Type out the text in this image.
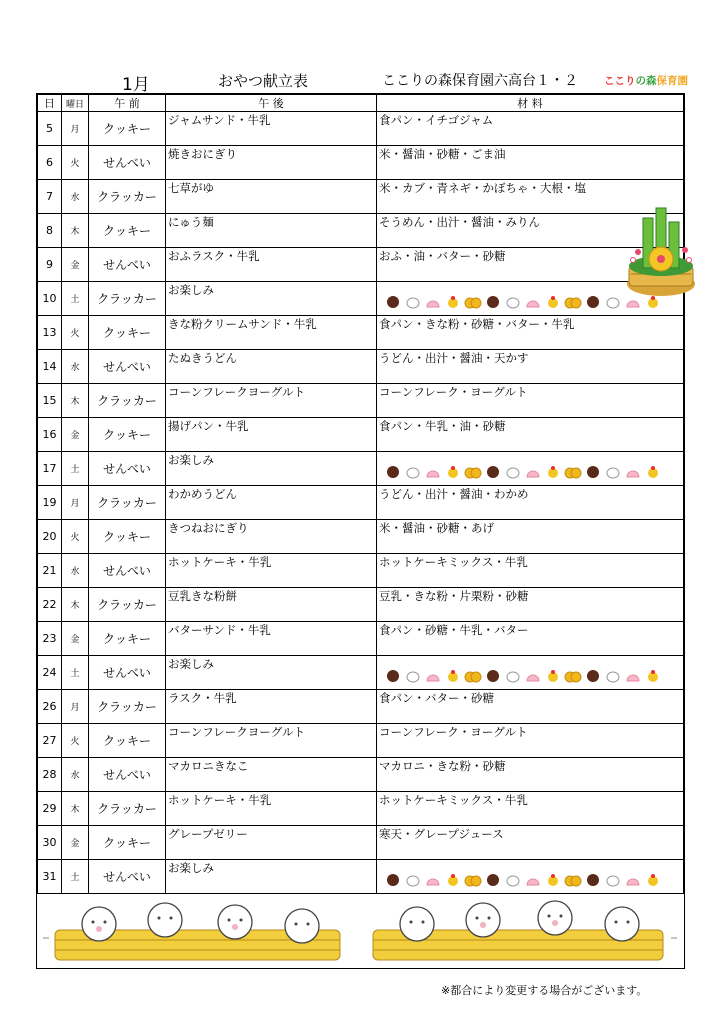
1月	おやつ献立表	ここりの森保育園六高台１・２ ここりの森保育園
日	曜日	午 前	午 後	材 料
5	月	クッキー	ジャムサンド・牛乳	食パン・イチゴジャム
6	火	せんべい	焼きおにぎり	米・醤油・砂糖・ごま油
7	水	クラッカー	七草がゆ	米・カブ・青ネギ・かぼちゃ・大根・塩
8	木	クッキー	にゅう麺	そうめん・出汁・醤油・みりん
9	金	せんべい	おふラスク・牛乳	おふ・油・バター・砂糖
10	土	クラッカー	お楽しみ	

13	火	クッキー	きな粉クリームサンド・牛乳	食パン・きな粉・砂糖・バター・牛乳
14	水	せんべい	たぬきうどん	うどん・出汁・醤油・天かす
15	木	クラッカー	コーンフレークヨーグルト	コーンフレーク・ヨーグルト
16	金	クッキー	揚げパン・牛乳	食パン・牛乳・油・砂糖
17	土	せんべい	お楽しみ	

19	月	クラッカー	わかめうどん	うどん・出汁・醤油・わかめ
20	火	クッキー	きつねおにぎり	米・醤油・砂糖・あげ
21	水	せんべい	ホットケーキ・牛乳	ホットケーキミックス・牛乳
22	木	クラッカー	豆乳きな粉餅	豆乳・きな粉・片栗粉・砂糖
23	金	クッキー	バターサンド・牛乳	食パン・砂糖・牛乳・バター
24	土	せんべい	お楽しみ	

26	月	クラッカー	ラスク・牛乳	食パン・バター・砂糖
27	火	クッキー	コーンフレークヨーグルト	コーンフレーク・ヨーグルト
28	水	せんべい	マカロニきなこ	マカロニ・きな粉・砂糖
29	木	クラッカー	ホットケーキ・牛乳	ホットケーキミックス・牛乳
30	金	クッキー	グレープゼリー	寒天・グレープジュース
31	土	せんべい	お楽しみ	
※都合により変更する場合がございます。
